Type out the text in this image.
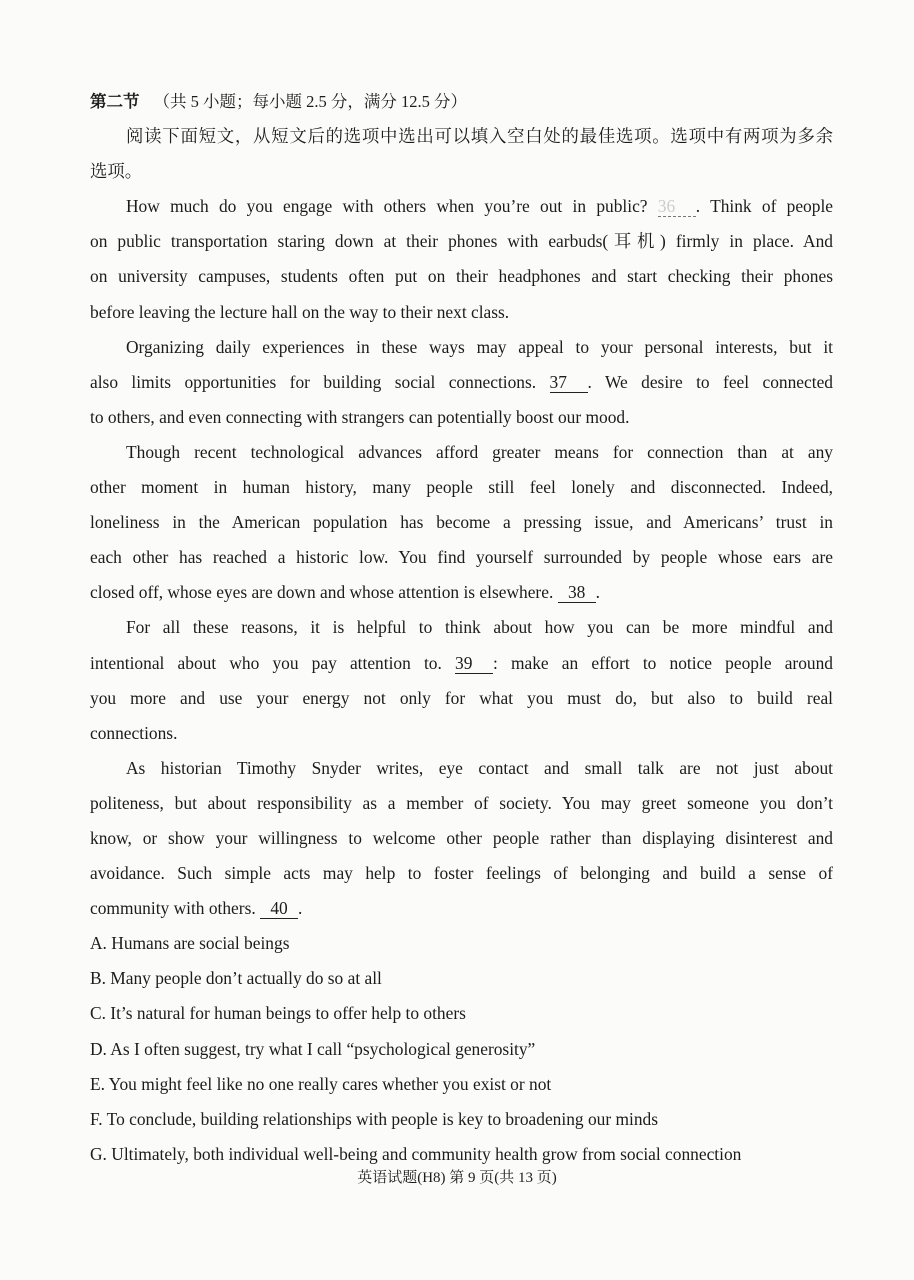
第二节 （共 5 小题；每小题 2.5 分，满分 12.5 分）
阅读下面短文，从短文后的选项中选出可以填入空白处的最佳选项。选项中有两项为多余
选项。
How much do you engage with others when you’re out in public? 36 . Think of people
on public transportation staring down at their phones with earbuds(耳机) firmly in place. And
on university campuses, students often put on their headphones and start checking their phones
before leaving the lecture hall on the way to their next class.
Organizing daily experiences in these ways may appeal to your personal interests, but it
also limits opportunities for building social connections. 37 . We desire to feel connected
to others, and even connecting with strangers can potentially boost our mood.
Though recent technological advances afford greater means for connection than at any
other moment in human history, many people still feel lonely and disconnected. Indeed,
loneliness in the American population has become a pressing issue, and Americans’ trust in
each other has reached a historic low. You find yourself surrounded by people whose ears are
closed off, whose eyes are down and whose attention is elsewhere. 38 .
For all these reasons, it is helpful to think about how you can be more mindful and
intentional about who you pay attention to. 39 : make an effort to notice people around
you more and use your energy not only for what you must do, but also to build real
connections.
As historian Timothy Snyder writes, eye contact and small talk are not just about
politeness, but about responsibility as a member of society. You may greet someone you don’t
know, or show your willingness to welcome other people rather than displaying disinterest and
avoidance. Such simple acts may help to foster feelings of belonging and build a sense of
community with others. 40 .
A. Humans are social beings
B. Many people don’t actually do so at all
C. It’s natural for human beings to offer help to others
D. As I often suggest, try what I call “psychological generosity”
E. You might feel like no one really cares whether you exist or not
F. To conclude, building relationships with people is key to broadening our minds
G. Ultimately, both individual well-being and community health grow from social connection
英语试题(H8) 第 9 页(共 13 页)
